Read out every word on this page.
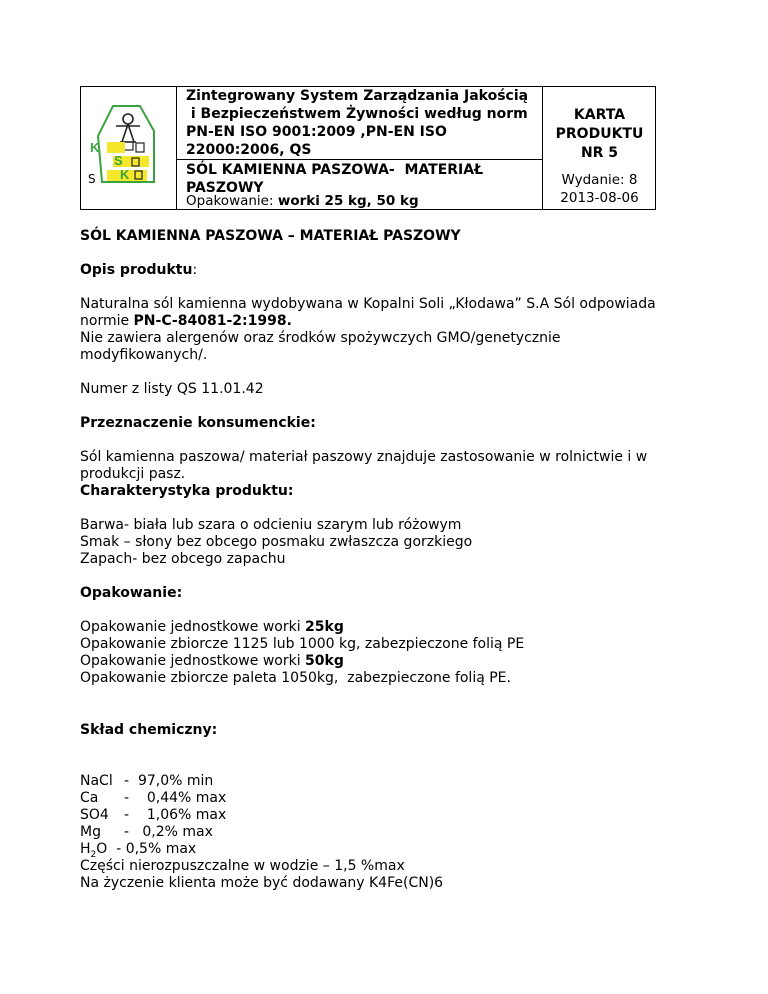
K
S
K
S
Zintegrowany System Zarządzania Jakością
i Bezpieczeństwem Żywności według norm
PN-EN ISO 9001:2009 ,PN-EN ISO
22000:2006, QS
SÓL KAMIENNA PASZOWA-  MATERIAŁ
PASZOWY
Opakowanie: worki 25 kg, 50 kg
KARTA
PRODUKTU
NR 5
Wydanie: 8
2013-08-06
SÓL KAMIENNA PASZOWA – MATERIAŁ PASZOWY
Opis produktu:
Naturalna sól kamienna wydobywana w Kopalni Soli „Kłodawa” S.A Sól odpowiada
normie PN-C-84081-2:1998.
Nie zawiera alergenów oraz środków spożywczych GMO/genetycznie
modyfikowanych/.
Numer z listy QS 11.01.42
Przeznaczenie konsumenckie:
Sól kamienna paszowa/ materiał paszowy znajduje zastosowanie w rolnictwie i w
produkcji pasz.
Charakterystyka produktu:
Barwa- biała lub szara o odcieniu szarym lub różowym
Smak – słony bez obcego posmaku zwłaszcza gorzkiego
Zapach- bez obcego zapachu
Opakowanie:
Opakowanie jednostkowe worki 25kg
Opakowanie zbiorcze 1125 lub 1000 kg, zabezpieczone folią PE
Opakowanie jednostkowe worki 50kg
Opakowanie zbiorcze paleta 1050kg,  zabezpieczone folią PE.
Skład chemiczny:
NaCl -  97,0% min
Ca -    0,44% max
SO4 -    1,06% max
Mg -   0,2% max
$H_2O - 0,5\%$ max
Części nierozpuszczalne w wodzie – 1,5 %max
Na życzenie klienta może być dodawany K4Fe(CN)6
